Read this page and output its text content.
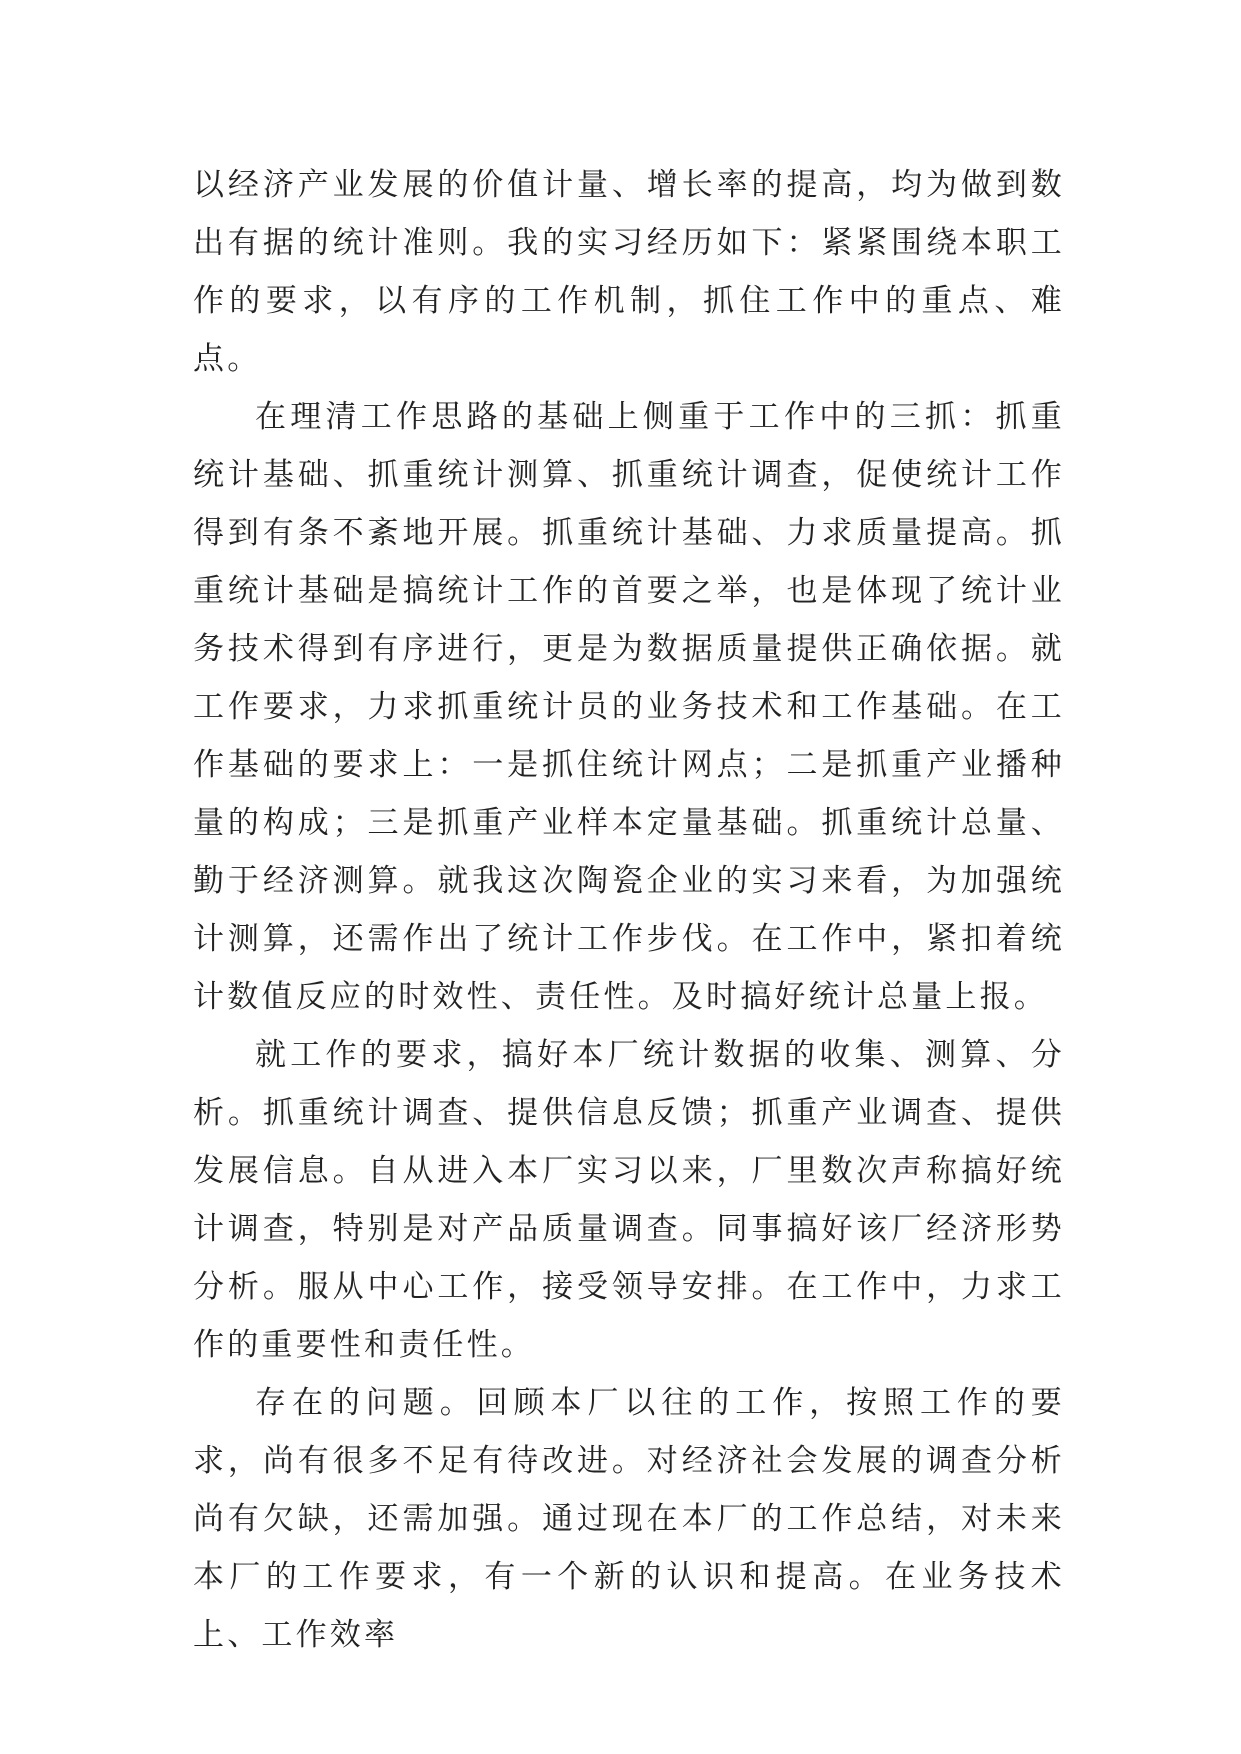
以经济产业发展的价值计量、增长率的提高，均为做到数出有据的统计准则。我的实习经历如下：紧紧围绕本职工作的要求，以有序的工作机制，抓住工作中的重点、难点。

在理清工作思路的基础上侧重于工作中的三抓：抓重统计基础、抓重统计测算、抓重统计调查，促使统计工作得到有条不紊地开展。抓重统计基础、力求质量提高。抓重统计基础是搞统计工作的首要之举，也是体现了统计业务技术得到有序进行，更是为数据质量提供正确依据。就工作要求，力求抓重统计员的业务技术和工作基础。在工作基础的要求上：一是抓住统计网点；二是抓重产业播种量的构成；三是抓重产业样本定量基础。抓重统计总量、勤于经济测算。就我这次陶瓷企业的实习来看，为加强统计测算，还需作出了统计工作步伐。在工作中，紧扣着统计数值反应的时效性、责任性。及时搞好统计总量上报。

就工作的要求，搞好本厂统计数据的收集、测算、分析。抓重统计调查、提供信息反馈；抓重产业调查、提供发展信息。自从进入本厂实习以来，厂里数次声称搞好统计调查，特别是对产品质量调查。同事搞好该厂经济形势分析。服从中心工作，接受领导安排。在工作中，力求工作的重要性和责任性。

存在的问题。回顾本厂以往的工作，按照工作的要求，尚有很多不足有待改进。对经济社会发展的调查分析尚有欠缺，还需加强。通过现在本厂的工作总结，对未来本厂的工作要求，有一个新的认识和提高。在业务技术上、工作效率
